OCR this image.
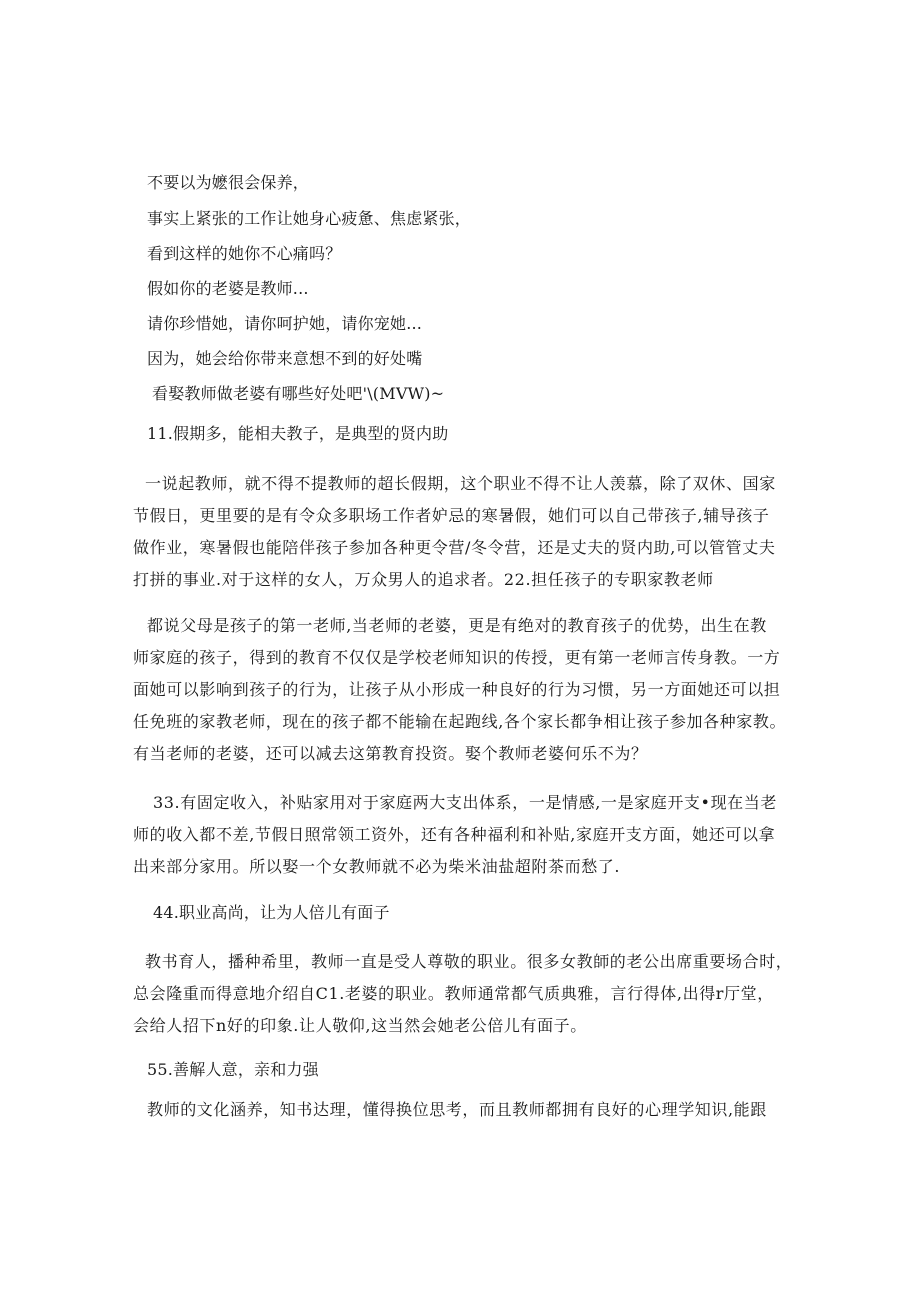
不要以为嬷很会保养，
事实上紧张的工作让她身心疲惫、焦虑紧张，
看到这样的她你不心痛吗？
假如你的老婆是教师...
请你珍惜她，请你呵护她，请你宠她...
因为，她会给你带来意想不到的好处嘴
看娶教师做老婆有哪些好处吧'\(MVW)~
11.假期多，能相夫教子，是典型的贤内助
一说起教师，就不得不提教师的超长假期，这个职业不得不让人羡慕，除了双休、国家
节假日，更里要的是有令众多职场工作者妒忌的寒暑假，她们可以自己带孩子,辅导孩子
做作业，寒暑假也能陪伴孩子参加各种更令营/冬令营，还是丈夫的贤内助,可以管管丈夫
打拼的事业.对于这样的女人，万众男人的追求者。22.担任孩子的专职家教老师
都说父母是孩子的第一老师,当老师的老婆，更是有绝对的教育孩子的优势，出生在教
师家庭的孩子，得到的教育不仅仅是学校老师知识的传授，更有第一老师言传身教。一方
面她可以影响到孩子的行为，让孩子从小形成一种良好的行为习惯，另一方面她还可以担
任免班的家教老师，现在的孩子都不能输在起跑线,各个家长都争相让孩子参加各种家教。
有当老师的老婆，还可以减去这第教育投资。娶个教师老婆何乐不为？
33.有固定收入，补贴家用对于家庭两大支出体系，一是情感,一是家庭开支•现在当老
师的收入都不差,节假日照常领工资外，还有各种福利和补贴,家庭开支方面，她还可以拿
出来部分家用。所以娶一个女教师就不必为柴米油盐超附茶而愁了.
44.职业高尚，让为人倍儿有面子
教书育人，播种希里，教师一直是受人尊敬的职业。很多女教師的老公出席重要场合时，
总会隆重而得意地介绍自C1.老婆的职业。教师通常都气质典雅，言行得体,出得r厅堂，
会给人招下n好的印象.让人敬仰,这当然会她老公倍儿有面子。
55.善解人意，亲和力强
教师的文化涵养，知书达理，懂得换位思考，而且教师都拥有良好的心理学知识,能跟
